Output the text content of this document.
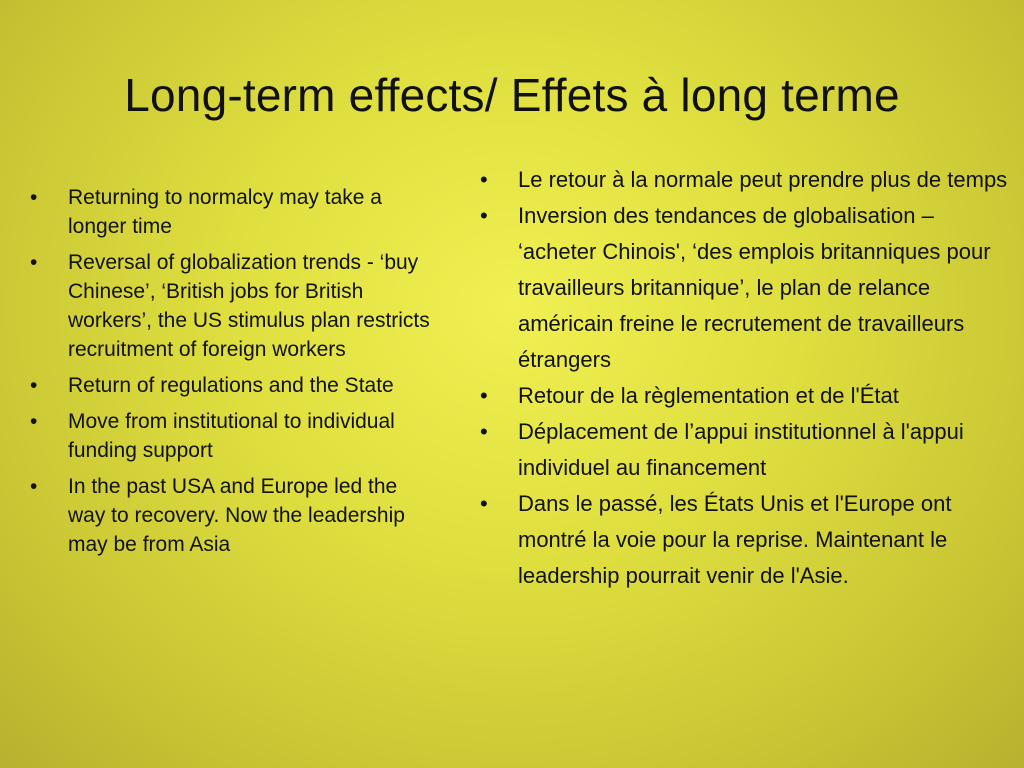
Long-term effects/ Effets à long terme
• Returning to normalcy may take a longer time
• Reversal of globalization trends - ‘buy Chinese’, ‘British jobs for British workers’, the US stimulus plan restricts recruitment of foreign workers
• Return of regulations and the State
• Move from institutional to individual funding support
• In the past USA and Europe led the way to recovery. Now the leadership may be from Asia
• Le retour à la normale peut prendre plus de temps
• Inversion des tendances de globalisation – ‘acheter Chinois', ‘des emplois britanniques pour travailleurs britannique’, le plan de relance américain freine le recrutement de travailleurs étrangers
• Retour de la règlementation et de l'État
• Déplacement de l’appui institutionnel à l'appui individuel au financement
• Dans le passé, les États Unis et l'Europe ont montré la voie pour la reprise. Maintenant le leadership pourrait venir de l'Asie.
